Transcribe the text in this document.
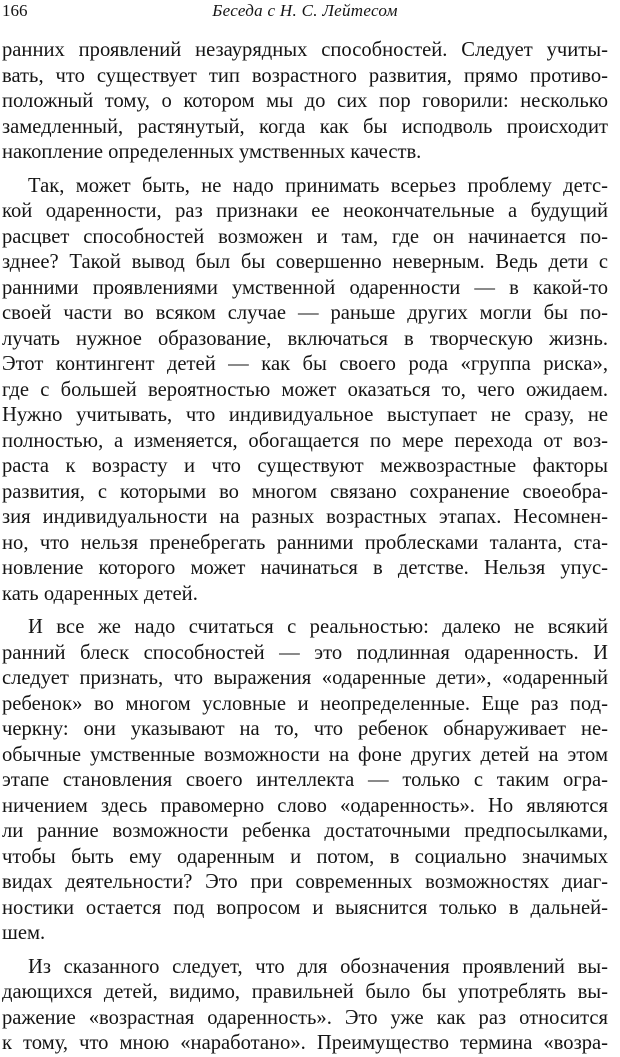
166	Беседа с Н. С. Лейтесом
ранних проявлений незаурядных способностей. Следует учиты-
вать, что существует тип возрастного развития, прямо противо-
положный тому, о котором мы до сих пор говорили: несколько
замедленный, растянутый, когда как бы исподволь происходит
накопление определенных умственных качеств.
Так, может быть, не надо принимать всерьез проблему детс-
кой одаренности, раз признаки ее неокончательные а будущий
расцвет способностей возможен и там, где он начинается по-
зднее? Такой вывод был бы совершенно неверным. Ведь дети с
ранними проявлениями умственной одаренности — в какой-то
своей части во всяком случае — раньше других могли бы по-
лучать нужное образование, включаться в творческую жизнь.
Этот контингент детей — как бы своего рода «группа риска»,
где с большей вероятностью может оказаться то, чего ожидаем.
Нужно учитывать, что индивидуальное выступает не сразу, не
полностью, а изменяется, обогащается по мере перехода от воз-
раста к возрасту и что существуют межвозрастные факторы
развития, с которыми во многом связано сохранение своеобра-
зия индивидуальности на разных возрастных этапах. Несомнен-
но, что нельзя пренебрегать ранними проблесками таланта, ста-
новление которого может начинаться в детстве. Нельзя упус-
кать одаренных детей.
И все же надо считаться с реальностью: далеко не всякий
ранний блеск способностей — это подлинная одаренность. И
следует признать, что выражения «одаренные дети», «одаренный
ребенок» во многом условные и неопределенные. Еще раз под-
черкну: они указывают на то, что ребенок обнаруживает не-
обычные умственные возможности на фоне других детей на этом
этапе становления своего интеллекта — только с таким огра-
ничением здесь правомерно слово «одаренность». Но являются
ли ранние возможности ребенка достаточными предпосылками,
чтобы быть ему одаренным и потом, в социально значимых
видах деятельности? Это при современных возможностях диаг-
ностики остается под вопросом и выяснится только в дальней-
шем.
Из сказанного следует, что для обозначения проявлений вы-
дающихся детей, видимо, правильней было бы употреблять вы-
ражение «возрастная одаренность». Это уже как раз относится
к тому, что мною «наработано». Преимущество термина «возра-
